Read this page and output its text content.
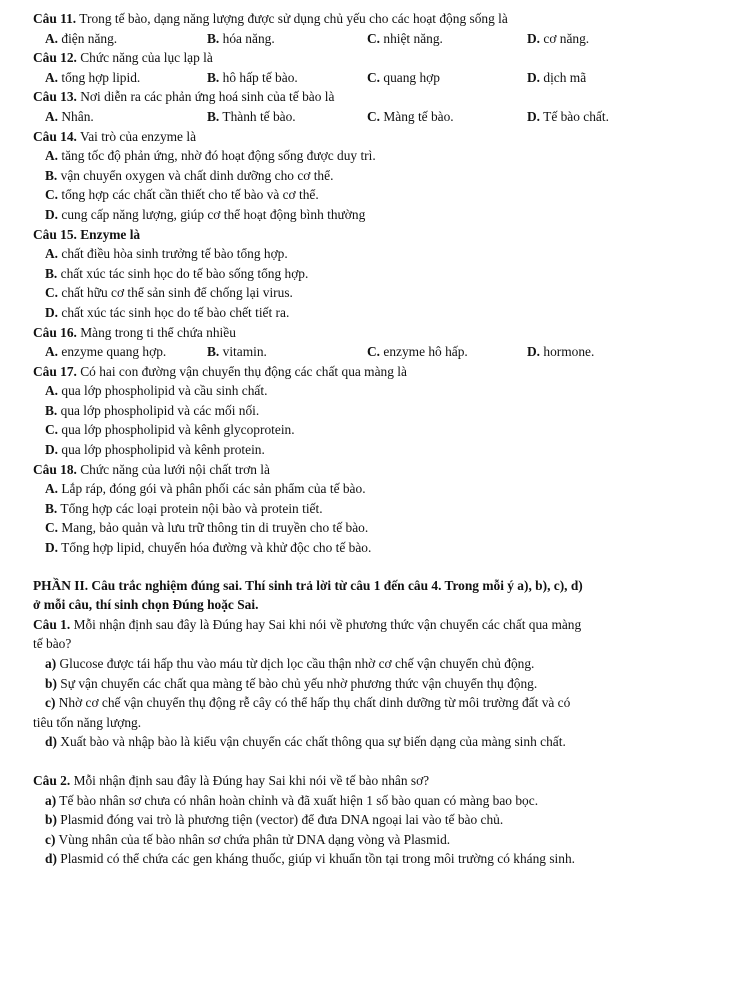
Câu 11. Trong tế bào, dạng năng lượng được sử dụng chủ yếu cho các hoạt động sống là

A. điện năng.	B. hóa năng.	C. nhiệt năng.	D. cơ năng.

Câu 12. Chức năng của lục lạp là

A. tổng hợp lipid.	B. hô hấp tế bào.	C. quang hợp	D. dịch mã

Câu 13. Nơi diễn ra các phản ứng hoá sinh của tế bào là

A. Nhân.	B. Thành tế bào.	C. Màng tế bào.	D. Tế bào chất.

Câu 14. Vai trò của enzyme là

A. tăng tốc độ phản ứng, nhờ đó hoạt động sống được duy trì.
B. vận chuyển oxygen và chất dinh dưỡng cho cơ thể.
C. tổng hợp các chất cần thiết cho tế bào và cơ thể.
D. cung cấp năng lượng, giúp cơ thể hoạt động bình thường

Câu 15. Enzyme là

A. chất điều hòa sinh trưởng tế bào tổng hợp.
B. chất xúc tác sinh học do tế bào sống tổng hợp.
C. chất hữu cơ thể sản sinh để chống lại virus.
D. chất xúc tác sinh học do tế bào chết tiết ra.

Câu 16. Màng trong ti thể chứa nhiều

A. enzyme quang hợp.	B. vitamin.	C. enzyme hô hấp.	D. hormone.

Câu 17. Có hai con đường vận chuyển thụ động các chất qua màng là

A. qua lớp phospholipid và cầu sinh chất.
B. qua lớp phospholipid và các mối nối.
C. qua lớp phospholipid và kênh glycoprotein.
D. qua lớp phospholipid và kênh protein.

Câu 18. Chức năng của lưới nội chất trơn là

A. Lắp ráp, đóng gói và phân phối các sản phẩm của tế bào.
B. Tổng hợp các loại protein nội bào và protein tiết.
C. Mang, bảo quản và lưu trữ thông tin di truyền cho tế bào.
D. Tổng hợp lipid, chuyển hóa đường và khử độc cho tế bào.

PHẦN II. Câu trắc nghiệm đúng sai. Thí sinh trả lời từ câu 1 đến câu 4. Trong mỗi ý a), b), c), d)

ở mỗi câu, thí sinh chọn Đúng hoặc Sai.

Câu 1. Mỗi nhận định sau đây là Đúng hay Sai khi nói về phương thức vận chuyển các chất qua màng

tế bào?

a) Glucose được tái hấp thu vào máu từ dịch lọc cầu thận nhờ cơ chế vận chuyển chủ động.

b) Sự vận chuyển các chất qua màng tế bào chủ yếu nhờ phương thức vận chuyển thụ động.

c) Nhờ cơ chế vận chuyển thụ động rễ cây có thể hấp thụ chất dinh dưỡng từ môi trường đất và có

tiêu tốn năng lượng.

d) Xuất bào và nhập bào là kiểu vận chuyển các chất thông qua sự biến dạng của màng sinh chất.

Câu 2. Mỗi nhận định sau đây là Đúng hay Sai khi nói về tế bào nhân sơ?

a) Tế bào nhân sơ chưa có nhân hoàn chỉnh và đã xuất hiện 1 số bào quan có màng bao bọc.

b) Plasmid đóng vai trò là phương tiện (vector) để đưa DNA ngoại lai vào tế bào chủ.

c) Vùng nhân của tế bào nhân sơ chứa phân tử DNA dạng vòng và Plasmid.

d) Plasmid có thể chứa các gen kháng thuốc, giúp vi khuẩn tồn tại trong môi trường có kháng sinh.
